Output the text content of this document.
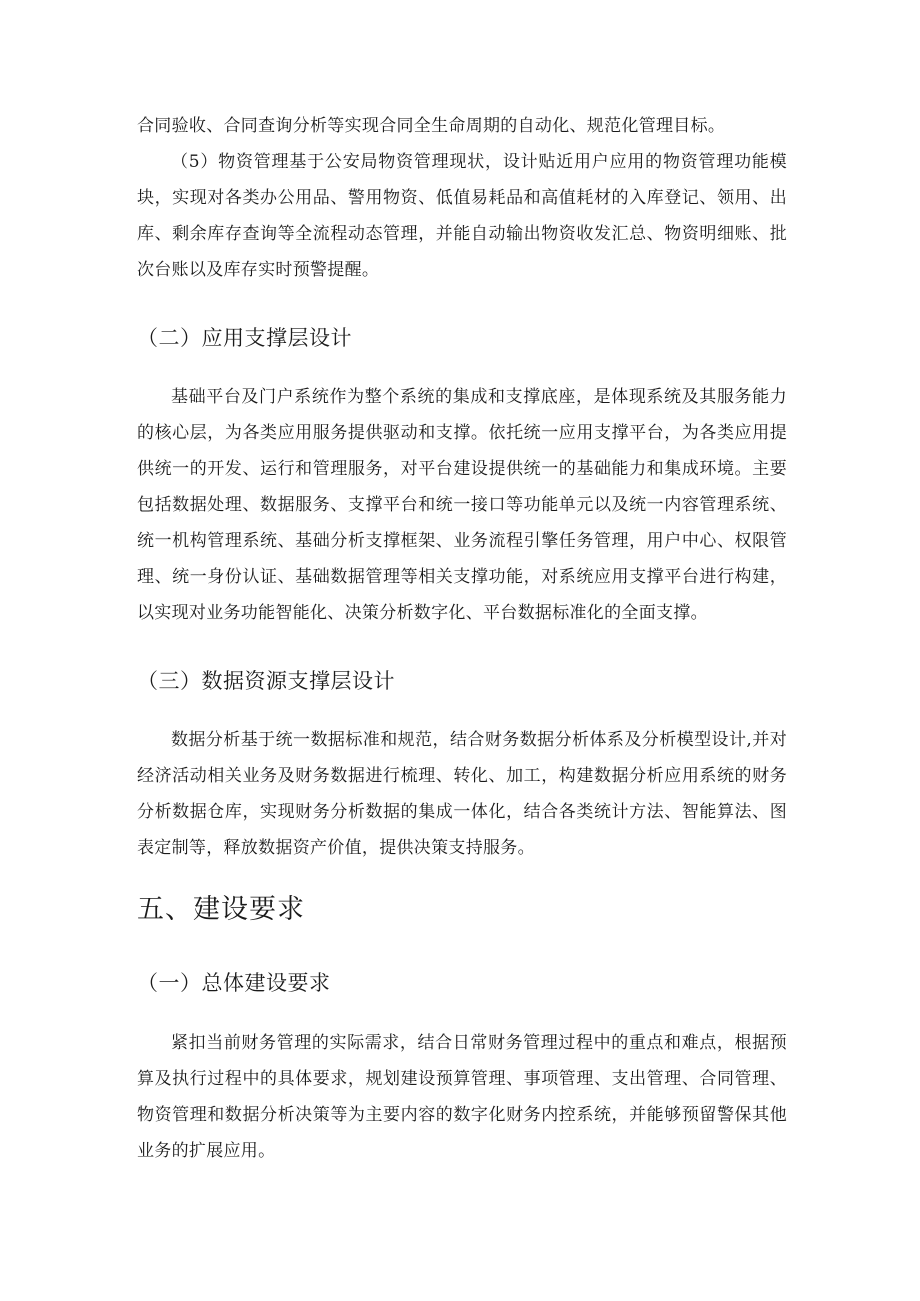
合同验收、合同查询分析等实现合同全生命周期的自动化、规范化管理目标。

（5）物资管理基于公安局物资管理现状，设计贴近用户应用的物资管理功能模块，实现对各类办公用品、警用物资、低值易耗品和高值耗材的入库登记、领用、出库、剩余库存查询等全流程动态管理，并能自动输出物资收发汇总、物资明细账、批次台账以及库存实时预警提醒。

（二）应用支撑层设计

基础平台及门户系统作为整个系统的集成和支撑底座，是体现系统及其服务能力的核心层，为各类应用服务提供驱动和支撑。依托统一应用支撑平台，为各类应用提供统一的开发、运行和管理服务，对平台建设提供统一的基础能力和集成环境。主要包括数据处理、数据服务、支撑平台和统一接口等功能单元以及统一内容管理系统、统一机构管理系统、基础分析支撑框架、业务流程引擎任务管理，用户中心、权限管理、统一身份认证、基础数据管理等相关支撑功能，对系统应用支撑平台进行构建，以实现对业务功能智能化、决策分析数字化、平台数据标准化的全面支撑。

（三）数据资源支撑层设计

数据分析基于统一数据标准和规范，结合财务数据分析体系及分析模型设计,并对经济活动相关业务及财务数据进行梳理、转化、加工，构建数据分析应用系统的财务分析数据仓库，实现财务分析数据的集成一体化，结合各类统计方法、智能算法、图表定制等，释放数据资产价值，提供决策支持服务。

五、建设要求
（一）总体建设要求

紧扣当前财务管理的实际需求，结合日常财务管理过程中的重点和难点，根据预算及执行过程中的具体要求，规划建设预算管理、事项管理、支出管理、合同管理、物资管理和数据分析决策等为主要内容的数字化财务内控系统，并能够预留警保其他业务的扩展应用。
